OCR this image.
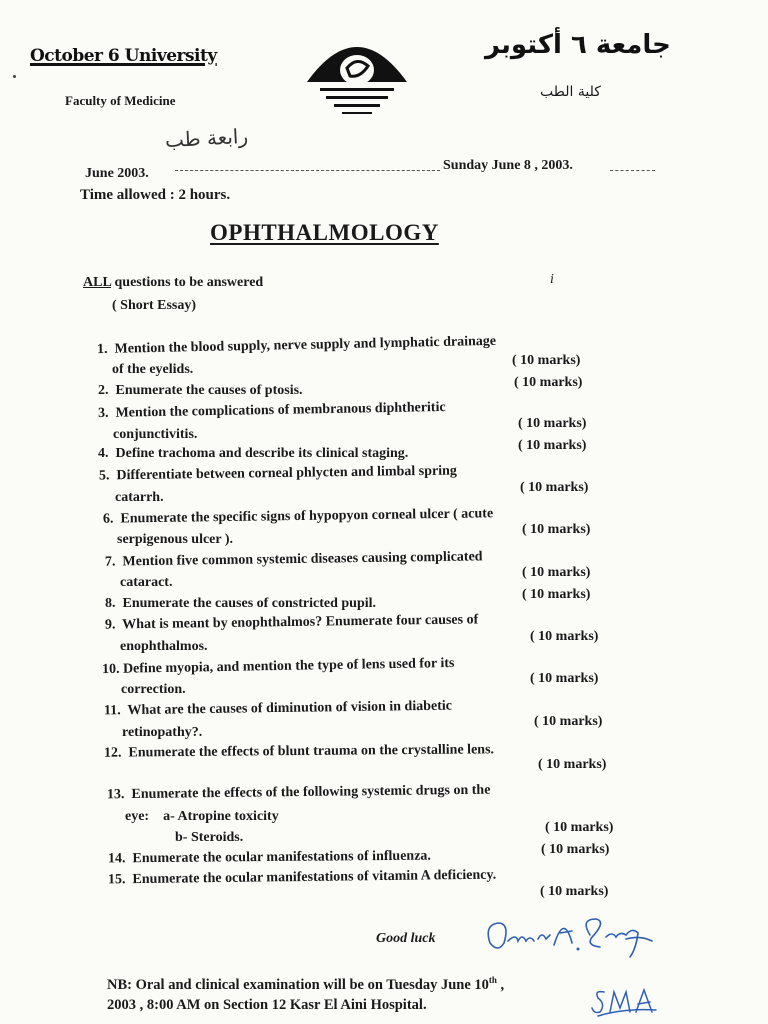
October 6 University	جامعة ٦ أكتوبر
كلية الطب
Faculty of Medicine
رابعة طب
June 2003.
Sunday June 8 , 2003.
Time allowed : 2 hours.
OPHTHALMOLOGY
ALL questions to be answered	i
( Short Essay)
1. Mention the blood supply, nerve supply and lymphatic drainage
of the eyelids.
( 10 marks)
2. Enumerate the causes of ptosis.
( 10 marks)
3. Mention the complications of membranous diphtheritic
conjunctivitis.
( 10 marks)
4. Define trachoma and describe its clinical staging.
( 10 marks)
5. Differentiate between corneal phlycten and limbal spring
catarrh.
( 10 marks)
6. Enumerate the specific signs of hypopyon corneal ulcer ( acute
serpigenous ulcer ).
( 10 marks)
7. Mention five common systemic diseases causing complicated
cataract.
( 10 marks)
8. Enumerate the causes of constricted pupil.
( 10 marks)
9. What is meant by enophthalmos? Enumerate four causes of
enophthalmos.
( 10 marks)
10. Define myopia, and mention the type of lens used for its
correction.
( 10 marks)
11. What are the causes of diminution of vision in diabetic
retinopathy?.
( 10 marks)
12. Enumerate the effects of blunt trauma on the crystalline lens.
( 10 marks)
13. Enumerate the effects of the following systemic drugs on the
eye:    a- Atropine toxicity
b- Steroids.
( 10 marks)
14. Enumerate the ocular manifestations of influenza.	( 10 marks)
15. Enumerate the ocular manifestations of vitamin A deficiency.
( 10 marks)
Good luck
NB: Oral and clinical examination will be on Tuesday June 10th ,
2003 , 8:00 AM on Section 12 Kasr El Aini Hospital.
